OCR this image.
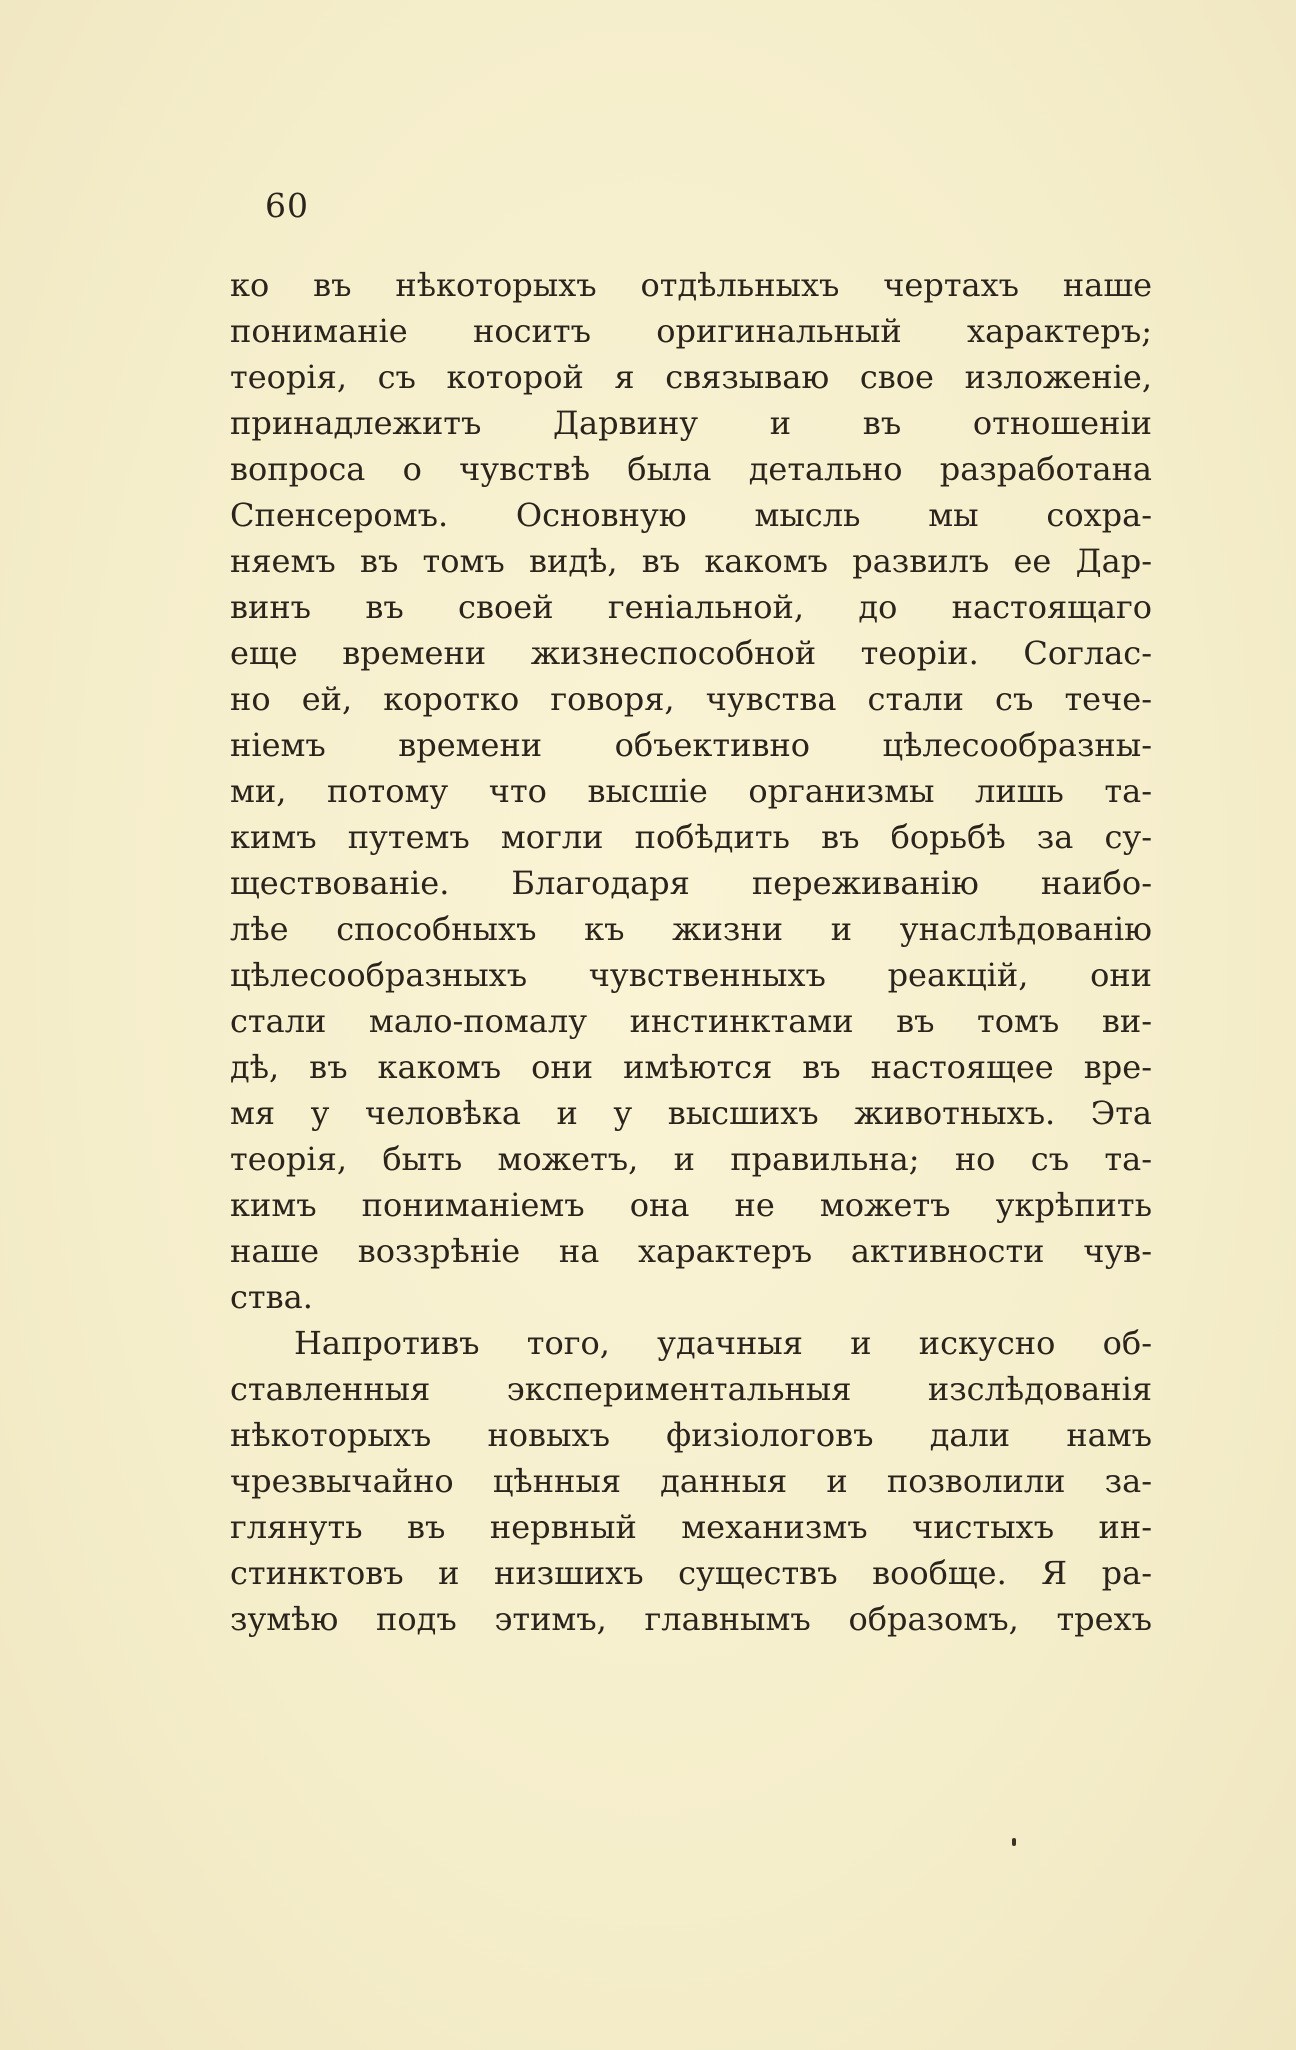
60
ко въ нѣкоторыхъ отдѣльныхъ чертахъ наше
пониманіе носитъ оригинальный характеръ;
теорія, съ которой я связываю свое изложеніе,
принадлежитъ Дарвину и въ отношеніи
вопроса о чувствѣ была детально разработана
Спенсеромъ. Основную мысль мы сохра-
няемъ въ томъ видѣ, въ какомъ развилъ ее Дар-
винъ въ своей геніальной, до настоящаго
еще времени жизнеспособной теоріи. Соглас-
но ей, коротко говоря, чувства стали съ тече-
ніемъ времени объективно цѣлесообразны-
ми, потому что высшіе организмы лишь та-
кимъ путемъ могли побѣдить въ борьбѣ за су-
ществованіе. Благодаря переживанію наибо-
лѣе способныхъ къ жизни и унаслѣдованію
цѣлесообразныхъ чувственныхъ реакцій, они
стали мало-помалу инстинктами въ томъ ви-
дѣ, въ какомъ они имѣются въ настоящее вре-
мя у человѣка и у высшихъ животныхъ. Эта
теорія, быть можетъ, и правильна; но съ та-
кимъ пониманіемъ она не можетъ укрѣпить
наше воззрѣніе на характеръ активности чув-
ства.
Напротивъ того, удачныя и искусно об-
ставленныя экспериментальныя изслѣдованія
нѣкоторыхъ новыхъ физіологовъ дали намъ
чрезвычайно цѣнныя данныя и позволили за-
глянуть въ нервный механизмъ чистыхъ ин-
стинктовъ и низшихъ существъ вообще. Я ра-
зумѣю подъ этимъ, главнымъ образомъ, трехъ
